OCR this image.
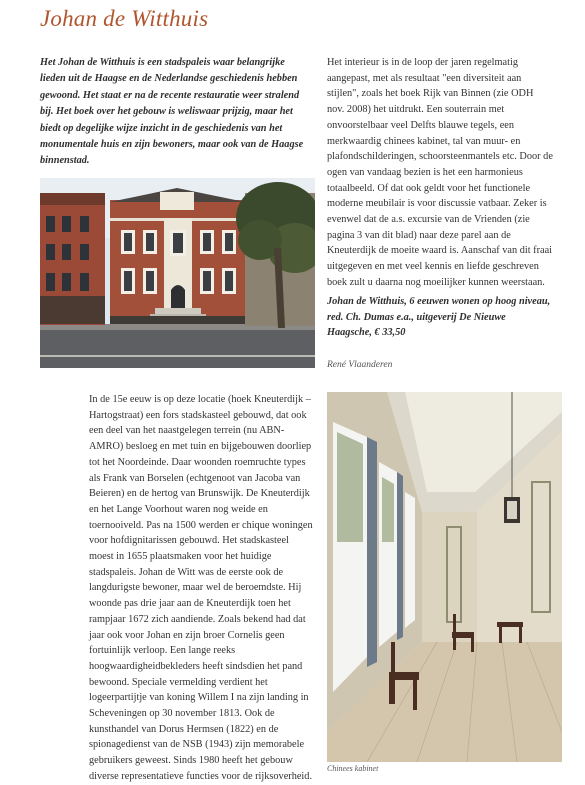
Johan de Witthuis

Het Johan de Witthuis is een stadspaleis waar belangrijke lieden uit de Haagse en de Nederlandse geschiedenis hebben gewoond. Het staat er na de recente restauratie weer stralend bij. Het boek over het gebouw is weliswaar prijzig, maar het biedt op degelijke wijze inzicht in de geschiedenis van het monumentale huis en zijn bewoners, maar ook van de Haagse binnenstad.

Het interieur is in de loop der jaren regelmatig aangepast, met als resultaat "een diversiteit aan stijlen", zoals het boek Rijk van Binnen (zie ODH nov. 2008) het uitdrukt. Een souterrain met onvoorstelbaar veel Delfts blauwe tegels, een merkwaardig chinees kabinet, tal van muur- en plafondschilderingen, schoorsteenmantels etc. Door de ogen van vandaag bezien is het een harmonieus totaalbeeld. Of dat ook geldt voor het functionele moderne meubilair is voor discussie vatbaar. Zeker is evenwel dat de a.s. excursie van de Vrienden (zie pagina 3 van dit blad) naar deze parel aan de Kneuterdijk de moeite waard is. Aanschaf van dit fraai uitgegeven en met veel kennis en liefde geschreven boek zult u daarna nog moeilijker kunnen weerstaan.

Johan de Witthuis, 6 eeuwen wonen op hoog niveau, red. Ch. Dumas e.a., uitgeverij De Nieuwe Haagsche, € 33,50

René Vlaanderen

In de 15e eeuw is op deze locatie (hoek Kneuterdijk – Hartogstraat) een fors stadskasteel gebouwd, dat ook een deel van het naastgelegen terrein (nu ABN-AMRO) besloeg en met tuin en bijgebouwen doorliep tot het Noordeinde. Daar woonden roemruchte types als Frank van Borselen (echtgenoot van Jacoba van Beieren) en de hertog van Brunswijk. De Kneuterdijk en het Lange Voorhout waren nog weide en toernooiveld. Pas na 1500 werden er chique woningen voor hofdignitarissen gebouwd. Het stadskasteel moest in 1655 plaatsmaken voor het huidige stadspaleis. Johan de Witt was de eerste ook de langdurigste bewoner, maar wel de beroemdste. Hij woonde pas drie jaar aan de Kneuterdijk toen het rampjaar 1672 zich aandiende. Zoals bekend had dat jaar ook voor Johan en zijn broer Cornelis geen fortuinlijk verloop. Een lange reeks hoogwaardigheidbekleders heeft sindsdien het pand bewoond. Speciale vermelding verdient het logeerpartijtje van koning Willem I na zijn landing in Scheveningen op 30 november 1813. Ook de kunsthandel van Dorus Hermsen (1822) en de spionagedienst van de NSB (1943) zijn memorabele gebruikers geweest. Sinds 1980 heeft het gebouw diverse representatieve functies voor de rijksoverheid.

Chinees kabinet
